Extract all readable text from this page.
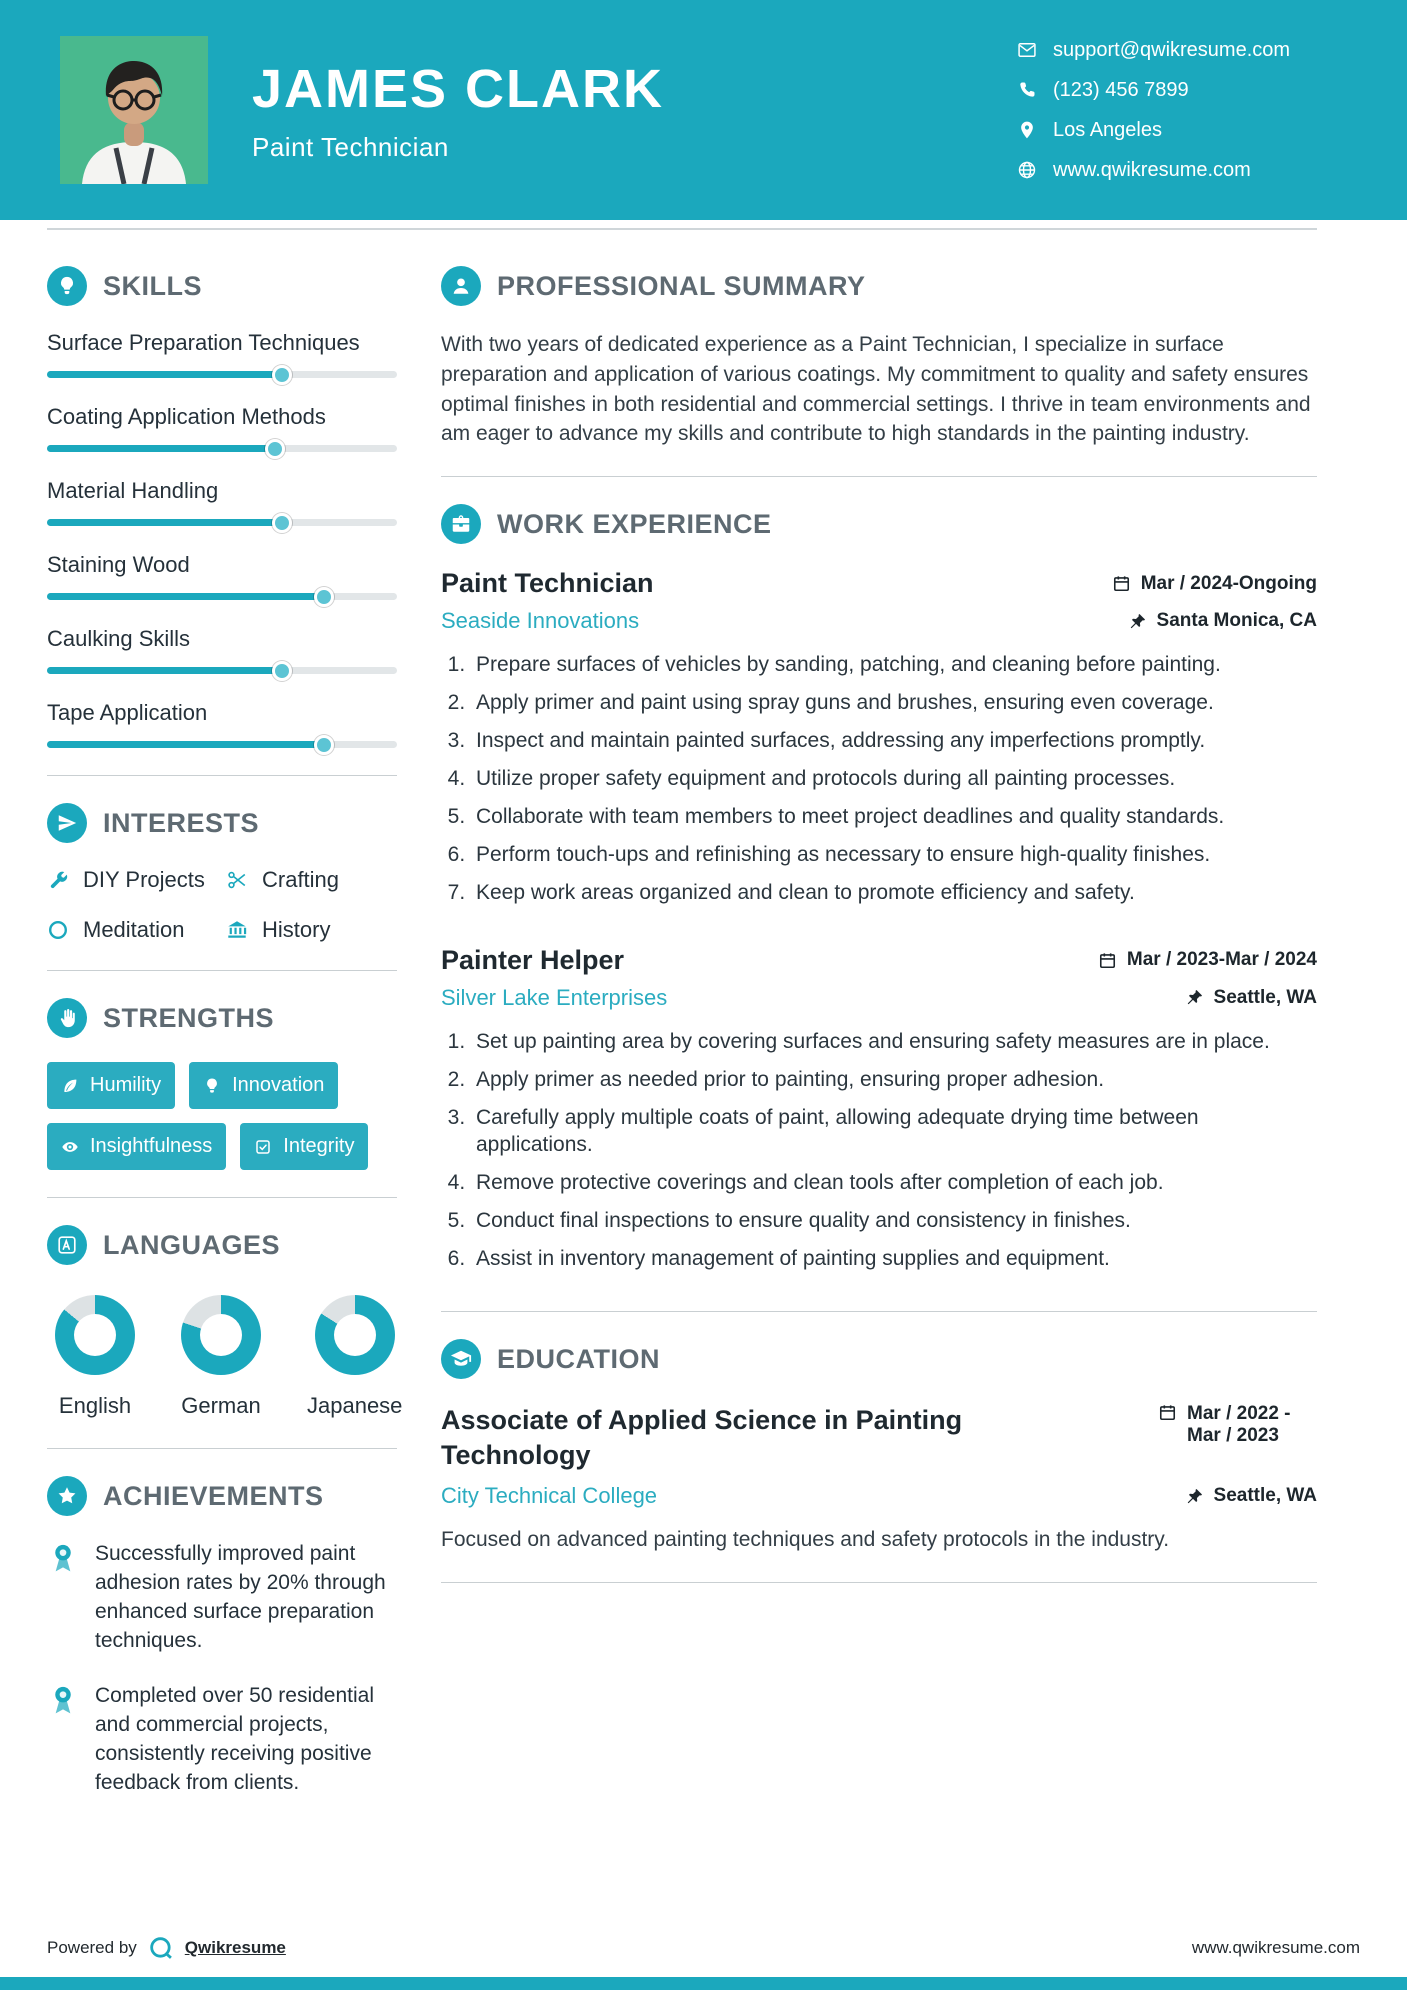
JAMES CLARK
Paint Technician
support@qwikresume.com
(123) 456 7899
Los Angeles
www.qwikresume.com
SKILLS
Surface Preparation Techniques
Coating Application Methods
Material Handling
Staining Wood
Caulking Skills
Tape Application
INTERESTS
DIY Projects	Crafting
Meditation	History
STRENGTHS
Humility	Innovation
Insightfulness	Integrity
LANGUAGES
English German Japanese
ACHIEVEMENTS

Successfully improved paint adhesion rates by 20% through enhanced surface preparation techniques.

Completed over 50 residential and commercial projects, consistently receiving positive feedback from clients.

PROFESSIONAL SUMMARY

With two years of dedicated experience as a Paint Technician, I specialize in surface preparation and application of various coatings. My commitment to quality and safety ensures optimal finishes in both residential and commercial settings. I thrive in team environments and am eager to advance my skills and contribute to high standards in the painting industry.

WORK EXPERIENCE
Paint Technician	Mar / 2024-Ongoing
Seaside Innovations	Santa Monica, CA
1. Prepare surfaces of vehicles by sanding, patching, and cleaning before painting.
2. Apply primer and paint using spray guns and brushes, ensuring even coverage.
3. Inspect and maintain painted surfaces, addressing any imperfections promptly.
4. Utilize proper safety equipment and protocols during all painting processes.
5. Collaborate with team members to meet project deadlines and quality standards.
6. Perform touch-ups and refinishing as necessary to ensure high-quality finishes.
7. Keep work areas organized and clean to promote efficiency and safety.
Painter Helper	Mar / 2023-Mar / 2024
Silver Lake Enterprises	Seattle, WA
1. Set up painting area by covering surfaces and ensuring safety measures are in place.
2. Apply primer as needed prior to painting, ensuring proper adhesion.
3. Carefully apply multiple coats of paint, allowing adequate drying time between applications.
4. Remove protective coverings and clean tools after completion of each job.
5. Conduct final inspections to ensure quality and consistency in finishes.
6. Assist in inventory management of painting supplies and equipment.
EDUCATION
Associate of Applied Science in Painting Technology
Mar / 2022 - Mar / 2023
City Technical College	Seattle, WA

Focused on advanced painting techniques and safety protocols in the industry.

Powered by	Qwikresume	www.qwikresume.com
